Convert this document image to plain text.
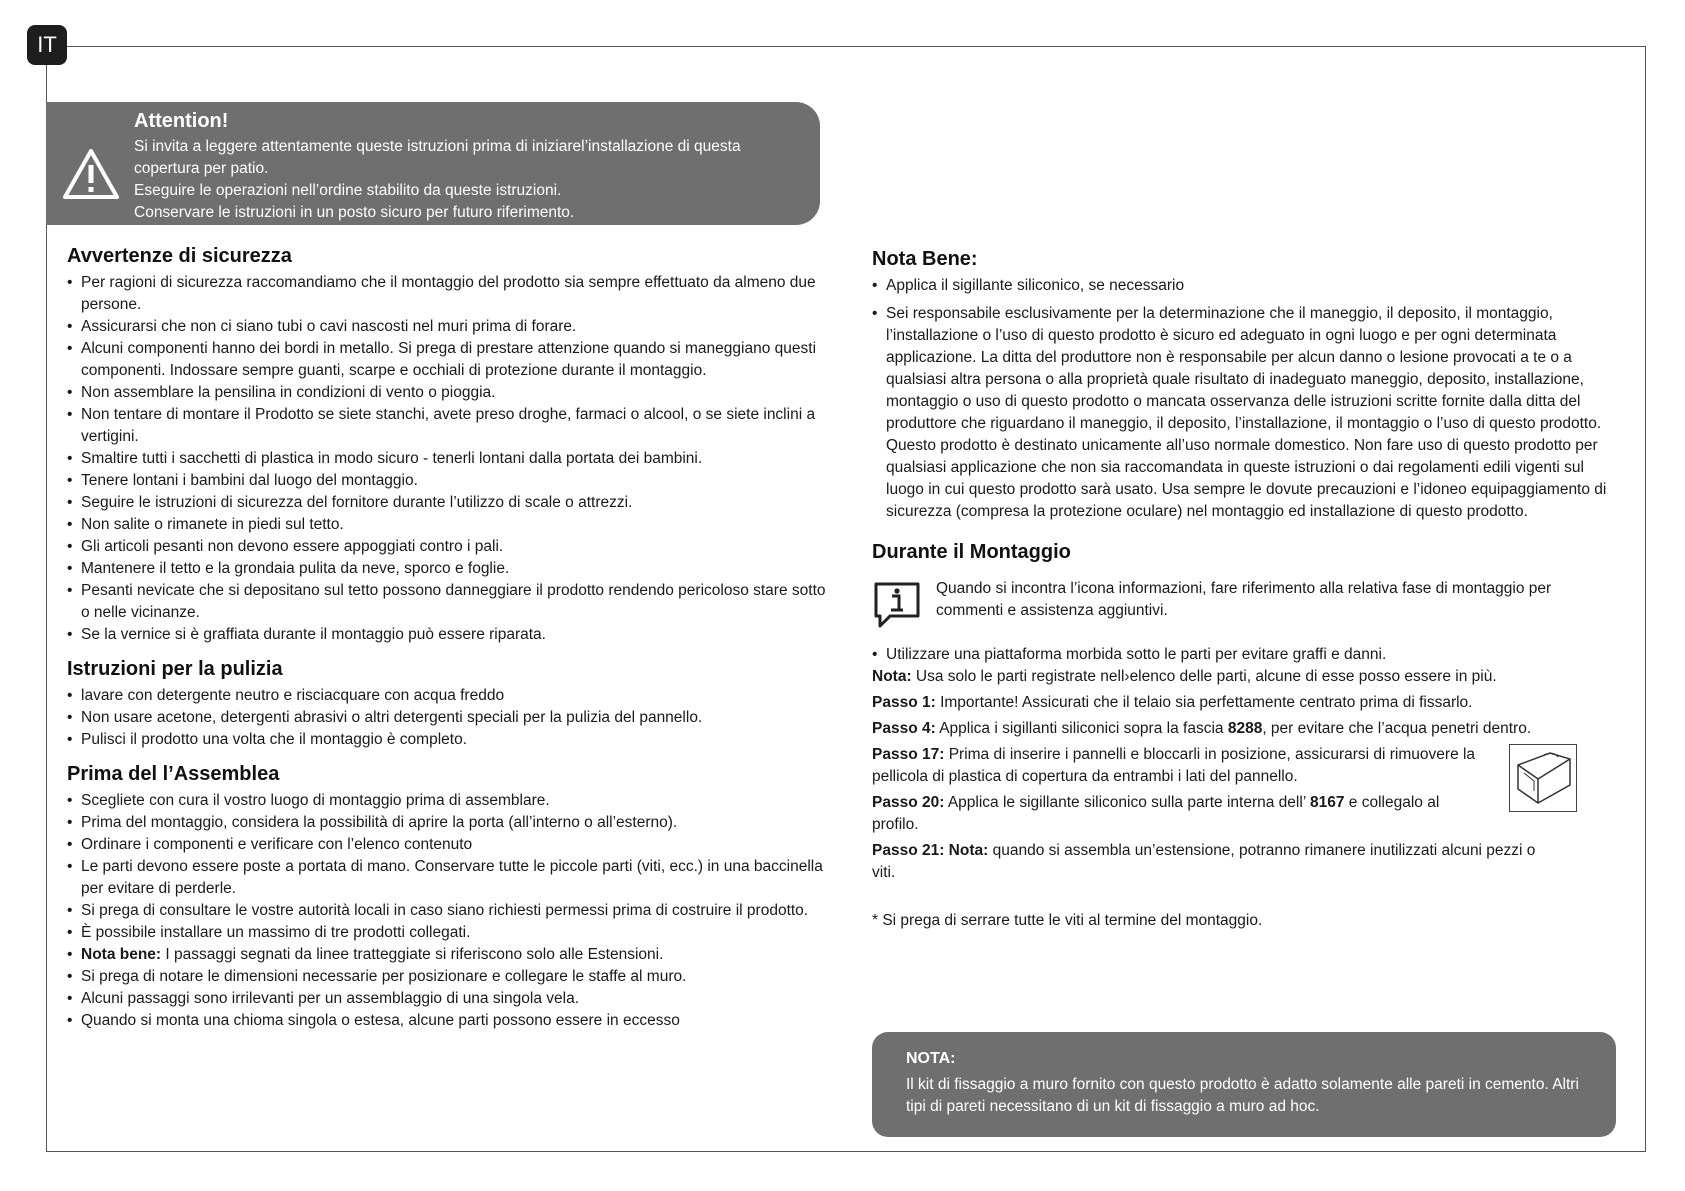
IT
Attention!
Si invita a leggere attentamente queste istruzioni prima di iniziarel’installazione di questa copertura per patio.
Eseguire le operazioni nell’ordine stabilito da queste istruzioni.
Conservare le istruzioni in un posto sicuro per futuro riferimento.
Avvertenze di sicurezza
• Per ragioni di sicurezza raccomandiamo che il montaggio del prodotto sia sempre effettuato da almeno due persone.
• Assicurarsi che non ci siano tubi o cavi nascosti nel muri prima di forare.
• Alcuni componenti hanno dei bordi in metallo. Si prega di prestare attenzione quando si maneggiano questi componenti. Indossare sempre guanti, scarpe e occhiali di protezione durante il montaggio.
• Non assemblare la pensilina in condizioni di vento o pioggia.
• Non tentare di montare il Prodotto se siete stanchi, avete preso droghe, farmaci o alcool, o se siete inclini a vertigini.
• Smaltire tutti i sacchetti di plastica in modo sicuro - tenerli lontani dalla portata dei bambini.
• Tenere lontani i bambini dal luogo del montaggio.
• Seguire le istruzioni di sicurezza del fornitore durante l’utilizzo di scale o attrezzi.
• Non salite o rimanete in piedi sul tetto.
• Gli articoli pesanti non devono essere appoggiati contro i pali.
• Mantenere il tetto e la grondaia pulita da neve, sporco e foglie.
• Pesanti nevicate che si depositano sul tetto possono danneggiare il prodotto rendendo pericoloso stare sotto o nelle vicinanze.
• Se la vernice si è graffiata durante il montaggio può essere riparata.
Istruzioni per la pulizia
• lavare con detergente neutro e risciacquare con acqua freddo
• Non usare acetone, detergenti abrasivi o altri detergenti speciali per la pulizia del pannello.
• Pulisci il prodotto una volta che il montaggio è completo.
Prima del l’Assemblea
• Scegliete con cura il vostro luogo di montaggio prima di assemblare.
• Prima del montaggio, considera la possibilità di aprire la porta (all’interno o all’esterno).
• Ordinare i componenti e verificare con l’elenco contenuto
• Le parti devono essere poste a portata di mano. Conservare tutte le piccole parti (viti, ecc.) in una baccinella per evitare di perderle.
• Si prega di consultare le vostre autorità locali in caso siano richiesti permessi prima di costruire il prodotto.
• È possibile installare un massimo di tre prodotti collegati.
• Nota bene: I passaggi segnati da linee tratteggiate si riferiscono solo alle Estensioni.
• Si prega di notare le dimensioni necessarie per posizionare e collegare le staffe al muro.
• Alcuni passaggi sono irrilevanti per un assemblaggio di una singola vela.
• Quando si monta una chioma singola o estesa, alcune parti possono essere in eccesso
Nota Bene:
• Applica il sigillante siliconico, se necessario
• Sei responsabile esclusivamente per la determinazione che il maneggio, il deposito, il montaggio, l’installazione o l’uso di questo prodotto è sicuro ed adeguato in ogni luogo e per ogni determinata applicazione. La ditta del produttore non è responsabile per alcun danno o lesione provocati a te o a qualsiasi altra persona o alla proprietà quale risultato di inadeguato maneggio, deposito, installazione, montaggio o uso di questo prodotto o mancata osservanza delle istruzioni scritte fornite dalla ditta del produttore che riguardano il maneggio, il deposito, l’installazione, il montaggio o l’uso di questo prodotto. Questo prodotto è destinato unicamente all’uso normale domestico. Non fare uso di questo prodotto per qualsiasi applicazione che non sia raccomandata in queste istruzioni o dai regolamenti edili vigenti sul luogo in cui questo prodotto sarà usato. Usa sempre le dovute precauzioni e l’idoneo equipaggiamento di sicurezza (compresa la protezione oculare) nel montaggio ed installazione di questo prodotto.
Durante il Montaggio
Quando si incontra l’icona informazioni, fare riferimento alla relativa fase di montaggio per commenti e assistenza aggiuntivi.
• Utilizzare una piattaforma morbida sotto le parti per evitare graffi e danni.
Nota: Usa solo le parti registrate nell›elenco delle parti, alcune di esse posso essere in più.
Passo 1: Importante! Assicurati che il telaio sia perfettamente centrato prima di fissarlo.
Passo 4: Applica i sigillanti siliconici sopra la fascia 8288, per evitare che l’acqua penetri dentro.
Passo 17: Prima di inserire i pannelli e bloccarli in posizione, assicurarsi di rimuovere la pellicola di plastica di copertura da entrambi i lati del pannello.
Passo 20: Applica le sigillante siliconico sulla parte interna dell’ 8167 e collegalo al profilo.
Passo 21: Nota: quando si assembla un’estensione, potranno rimanere inutilizzati alcuni pezzi o viti.
* Si prega di serrare tutte le viti al termine del montaggio.
NOTA:
Il kit di fissaggio a muro fornito con questo prodotto è adatto solamente alle pareti in cemento. Altri tipi di pareti necessitano di un kit di fissaggio a muro ad hoc.
